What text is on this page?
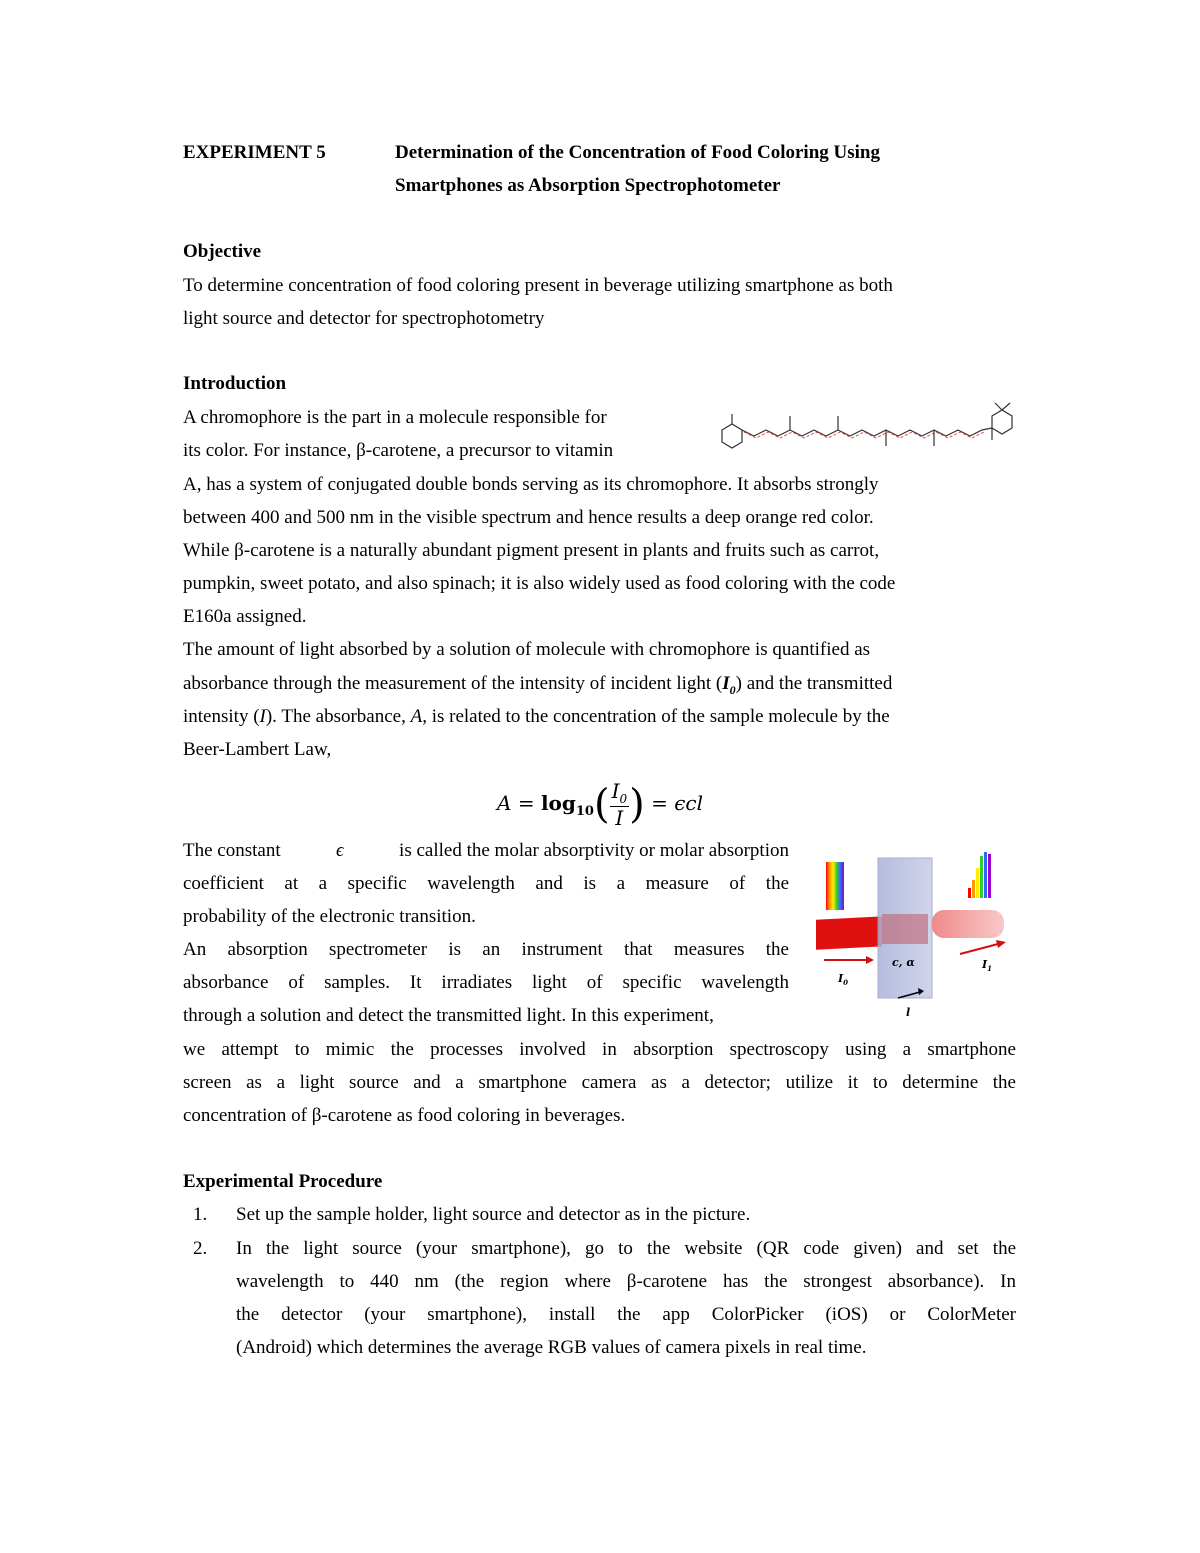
EXPERIMENT 5	Determination of the Concentration of Food Coloring Using
Smartphones as Absorption Spectrophotometer
Objective
To determine concentration of food coloring present in beverage utilizing smartphone as both
light source and detector for spectrophotometry
Introduction
A chromophore is the part in a molecule responsible for
its color. For instance, β-carotene, a precursor to vitamin
A, has a system of conjugated double bonds serving as its chromophore. It absorbs strongly
between 400 and 500 nm in the visible spectrum and hence results a deep orange red color.
While β-carotene is a naturally abundant pigment present in plants and fruits such as carrot,
pumpkin, sweet potato, and also spinach; it is also widely used as food coloring with the code
E160a assigned.
The amount of light absorbed by a solution of molecule with chromophore is quantified as
absorbance through the measurement of the intensity of incident light $(I_0)$ and the transmitted
intensity (I). The absorbance, A, is related to the concentration of the sample molecule by the
Beer-Lambert Law,
$A = \log_{10}( \frac{I_0}{I}$ ) = ϵcl
The constant	ϵ	is called the molar absorptivity or molar absorption
coefficient at a specific wavelength and is a measure of the
probability of the electronic transition.
An absorption spectrometer is an instrument that measures the
absorbance of samples. It irradiates light of specific wavelength
through a solution and detect the transmitted light. In this experiment,
we attempt to mimic the processes involved in absorption spectroscopy using a smartphone
screen as a light source and a smartphone camera as a detector; utilize it to determine the
concentration of β-carotene as food coloring in beverages.
Experimental Procedure
1. Set up the sample holder, light source and detector as in the picture.
2. In the light source (your smartphone), go to the website (QR code given) and set the
wavelength to 440 nm (the region where β-carotene has the strongest absorbance). In
the detector (your smartphone), install the app ColorPicker (iOS) or ColorMeter
(Android) which determines the average RGB values of camera pixels in real time.
$I_0$
$I_1$
c, α
l
